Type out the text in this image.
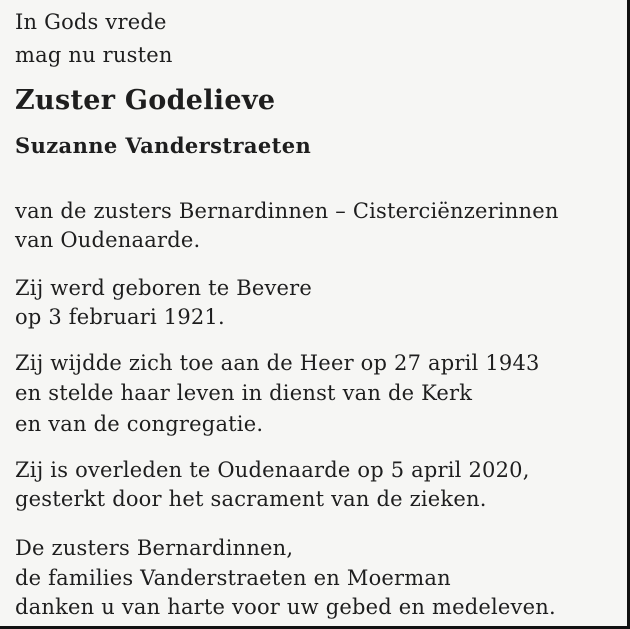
In Gods vrede
mag nu rusten
Zuster Godelieve
Suzanne Vanderstraeten
van de zusters Bernardinnen – Cisterciënzerinnen
van Oudenaarde.
Zij werd geboren te Bevere
op 3 februari 1921.
Zij wijdde zich toe aan de Heer op 27 april 1943
en stelde haar leven in dienst van de Kerk
en van de congregatie.
Zij is overleden te Oudenaarde op 5 april 2020,
gesterkt door het sacrament van de zieken.
De zusters Bernardinnen,
de families Vanderstraeten en Moerman
danken u van harte voor uw gebed en medeleven.
